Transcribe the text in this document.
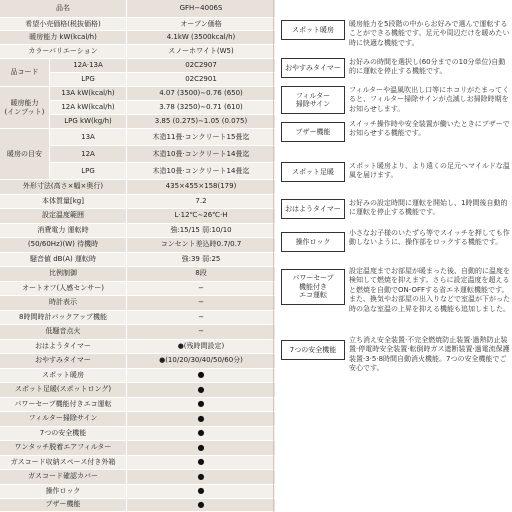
品名	GFH−4006S
希望小売価格(税抜価格)	オープン価格
暖房能力 kW(kcal/h)	4.1kW (3500kcal/h)
カラーバリエーション	スノーホワイト(W5)
品コード
12A·13A	02C2907
LPG	02C2901
暖房能力
(インプット)
13A kW(kcal/h)	4.07 (3500)∼0.76 (650)
12A kW(kcal/h)	3.78 (3250)∼0.71 (610)
LPG kW(kg/h)	3.85 (0.275)∼1.05 (0.075)
暖房の目安
13A	木造11畳·コンクリート15畳迄
12A	木造10畳·コンクリート14畳迄
LPG	木造10畳·コンクリート14畳迄
外形寸法(高さ×幅×奥行)	435×455×158(179)
本体質量[kg]	7.2
設定温度範囲	L·12℃∼26℃·H
消費電力 運転時	強:15/15 弱:10/10
(50/60Hz)(W) 待機時	コンセント差込時0.7/0.7
騒音値 dB(A) 運転時	強:39 弱:25
比例制御	8段
オートオフ(人感センサー)	−
時計表示	−
8時間時計バックアップ機能	−
低騒音点火	−
おはようタイマー	●(残時間設定)
おやすみタイマー	●(10/20/30/40/50/60分)
スポット暖房	●
スポット足暖(スポットロング)	●
パワーセーブ機能付きエコ運転	●
フィルター掃除サイン	●
7つの安全機能	●
ワンタッチ脱着エアフィルター	●
ガスコード収納スペース付き外箱	●
ガスコード確認カバー	●
操作ロック	●
ブザー機能	●
スポット暖房
暖房能力を5段階の中からお好みで選んで運転することができる機能です。足元や周辺だけを暖めたい時に快適な機能です。
おやすみタイマー
お好みの時間を選択し(60分までの10分単位)自動的に運転を停止する機能です。
フィルター
掃除サイン
フィルターや温風吹出し口等にホコリがたまってくると、フィルター掃除サインが点滅しお掃除時期をお知らせします。
ブザー機能
スイッチ操作時や安全装置が働いたときにブザーでお知らせする機能です。
スポット足暖
スポット暖房より、より遠くの足元へマイルドな温風を届けます。
おはようタイマー
お好みの設定時間に運転を開始し、1時間後自動的に運転を停止する機能です。
操作ロック
小さなお子様のいたずら等でスイッチを押しても作動しないように、操作部をロックする機能です。
パワーセーブ
機能付き
エコ運転
設定温度までお部屋が暖まった後、自動的に温度を検知して燃焼を抑えます。さらに設定温度を超えると燃焼を自動でON-OFFする省エネ運転機能です。また、換気やお部屋の出入りなどで室温が下がった時の急な室温の上昇を抑える機能も追加しました。
7つの安全機能
立ち消え安全装置·不完全燃焼防止装置·過熱防止装置·停電時安全装置·転倒時ガス遮断装置·過電流保護装置·3·5·8時間自動消火機能。7つの安全機能でご安心です。
